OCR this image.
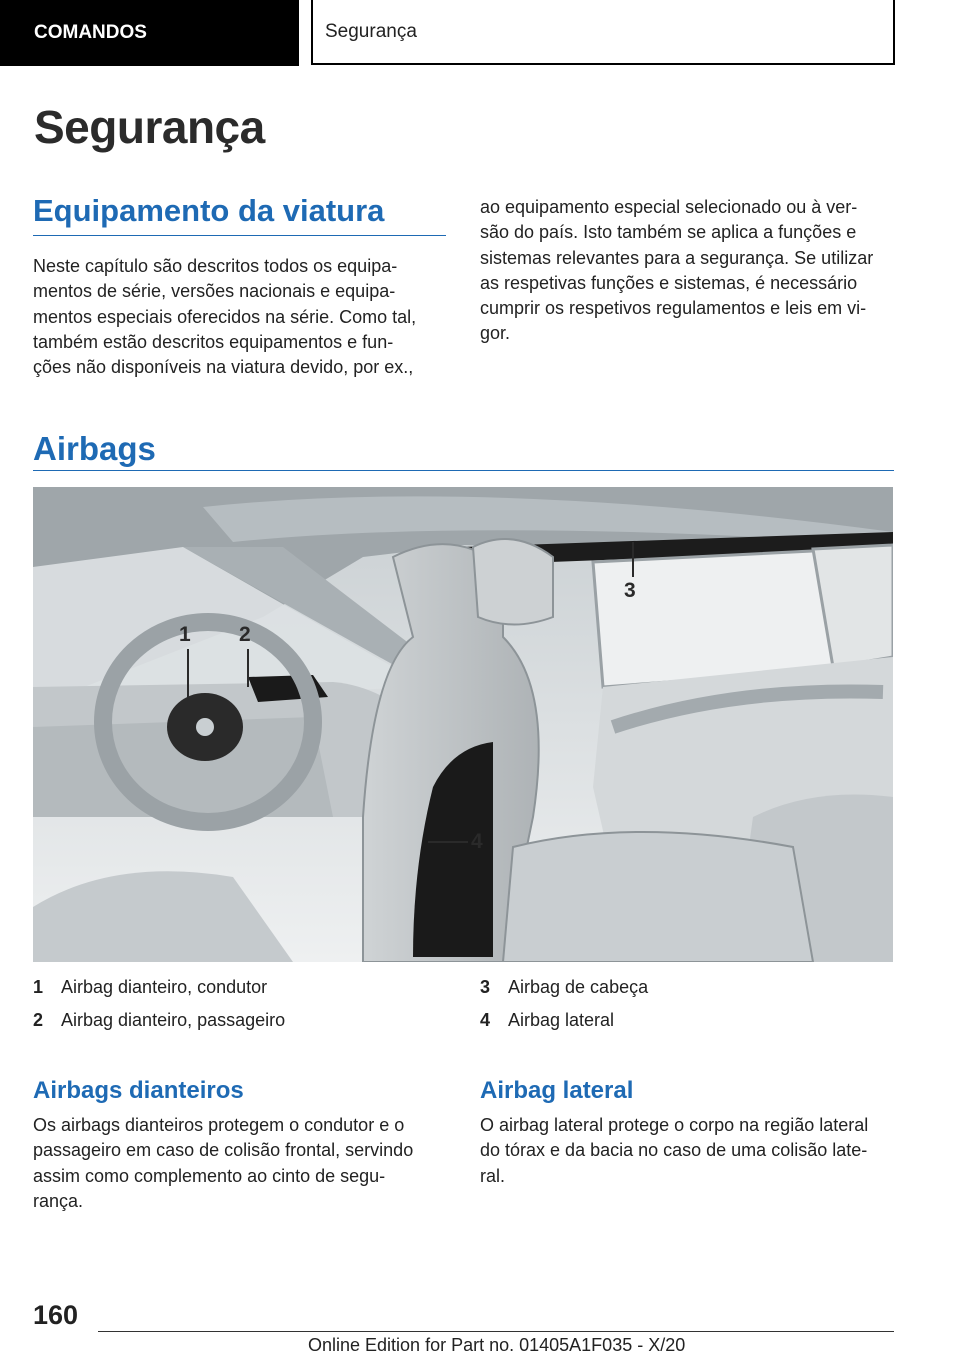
COMANDOS	Segurança
Segurança
Equipamento da viatura
Neste capítulo são descritos todos os equipa-
mentos de série, versões nacionais e equipa-
mentos especiais oferecidos na série. Como tal,
também estão descritos equipamentos e fun-
ções não disponíveis na viatura devido, por ex.,
ao equipamento especial selecionado ou à ver-
são do país. Isto também se aplica a funções e
sistemas relevantes para a segurança. Se utilizar
as respetivas funções e sistemas, é necessário
cumprir os respetivos regulamentos e leis em vi-
gor.
Airbags
1 2
3
4
1 Airbag dianteiro, condutor
2 Airbag dianteiro, passageiro
3 Airbag de cabeça
4 Airbag lateral
Airbags dianteiros
Os airbags dianteiros protegem o condutor e o
passageiro em caso de colisão frontal, servindo
assim como complemento ao cinto de segu-
rança.
Airbag lateral
O airbag lateral protege o corpo na região lateral
do tórax e da bacia no caso de uma colisão late-
ral.
160
Online Edition for Part no. 01405A1F035 - X/20
